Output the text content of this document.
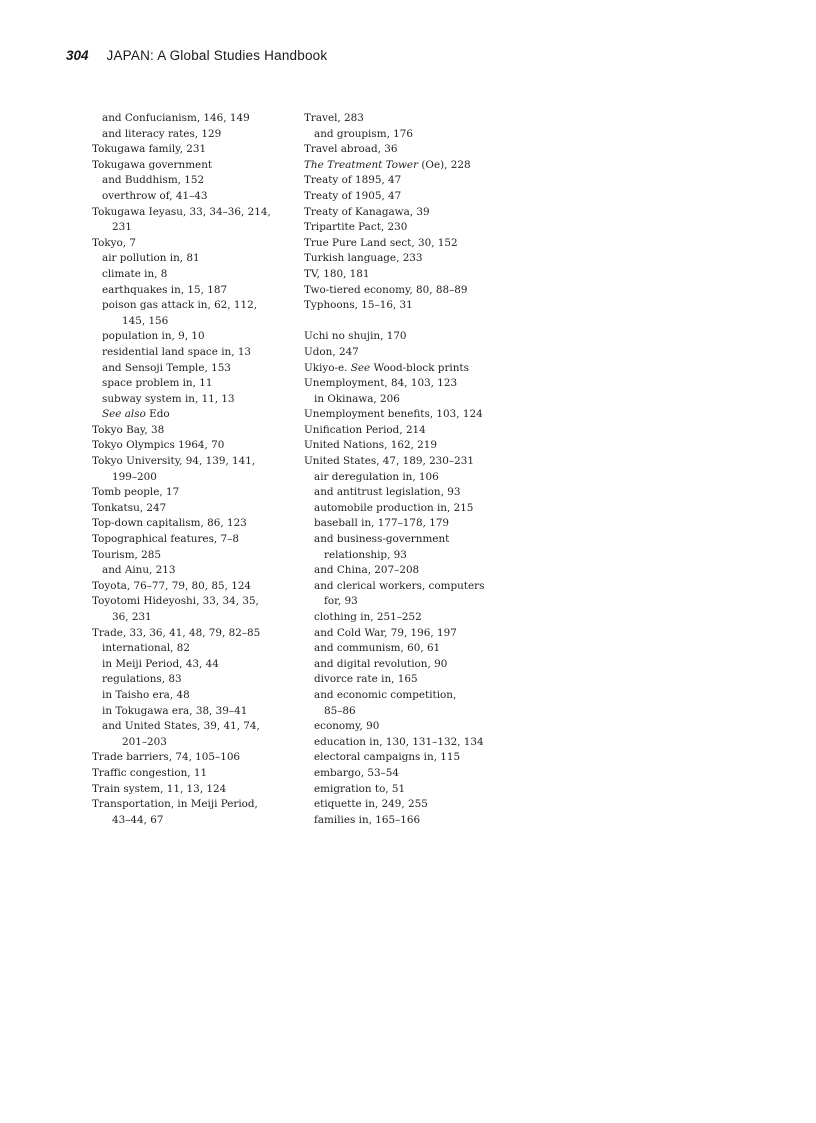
304 JAPAN: A Global Studies Handbook
and Confucianism, 146, 149
and literacy rates, 129
Tokugawa family, 231
Tokugawa government
and Buddhism, 152
overthrow of, 41–43
Tokugawa Ieyasu, 33, 34–36, 214,
231
Tokyo, 7
air pollution in, 81
climate in, 8
earthquakes in, 15, 187
poison gas attack in, 62, 112,
145, 156
population in, 9, 10
residential land space in, 13
and Sensoji Temple, 153
space problem in, 11
subway system in, 11, 13
See also Edo
Tokyo Bay, 38
Tokyo Olympics 1964, 70
Tokyo University, 94, 139, 141,
199–200
Tomb people, 17
Tonkatsu, 247
Top-down capitalism, 86, 123
Topographical features, 7–8
Tourism, 285
and Ainu, 213
Toyota, 76–77, 79, 80, 85, 124
Toyotomi Hideyoshi, 33, 34, 35,
36, 231
Trade, 33, 36, 41, 48, 79, 82–85
international, 82
in Meiji Period, 43, 44
regulations, 83
in Taisho era, 48
in Tokugawa era, 38, 39–41
and United States, 39, 41, 74,
201–203
Trade barriers, 74, 105–106
Traffic congestion, 11
Train system, 11, 13, 124
Transportation, in Meiji Period,
43–44, 67
Travel, 283
and groupism, 176
Travel abroad, 36
The Treatment Tower (Oe), 228
Treaty of 1895, 47
Treaty of 1905, 47
Treaty of Kanagawa, 39
Tripartite Pact, 230
True Pure Land sect, 30, 152
Turkish language, 233
TV, 180, 181
Two-tiered economy, 80, 88–89
Typhoons, 15–16, 31
Uchi no shujin, 170
Udon, 247
Ukiyo-e. See Wood-block prints
Unemployment, 84, 103, 123
in Okinawa, 206
Unemployment benefits, 103, 124
Unification Period, 214
United Nations, 162, 219
United States, 47, 189, 230–231
air deregulation in, 106
and antitrust legislation, 93
automobile production in, 215
baseball in, 177–178, 179
and business-government
relationship, 93
and China, 207–208
and clerical workers, computers
for, 93
clothing in, 251–252
and Cold War, 79, 196, 197
and communism, 60, 61
and digital revolution, 90
divorce rate in, 165
and economic competition,
85–86
economy, 90
education in, 130, 131–132, 134
electoral campaigns in, 115
embargo, 53–54
emigration to, 51
etiquette in, 249, 255
families in, 165–166
